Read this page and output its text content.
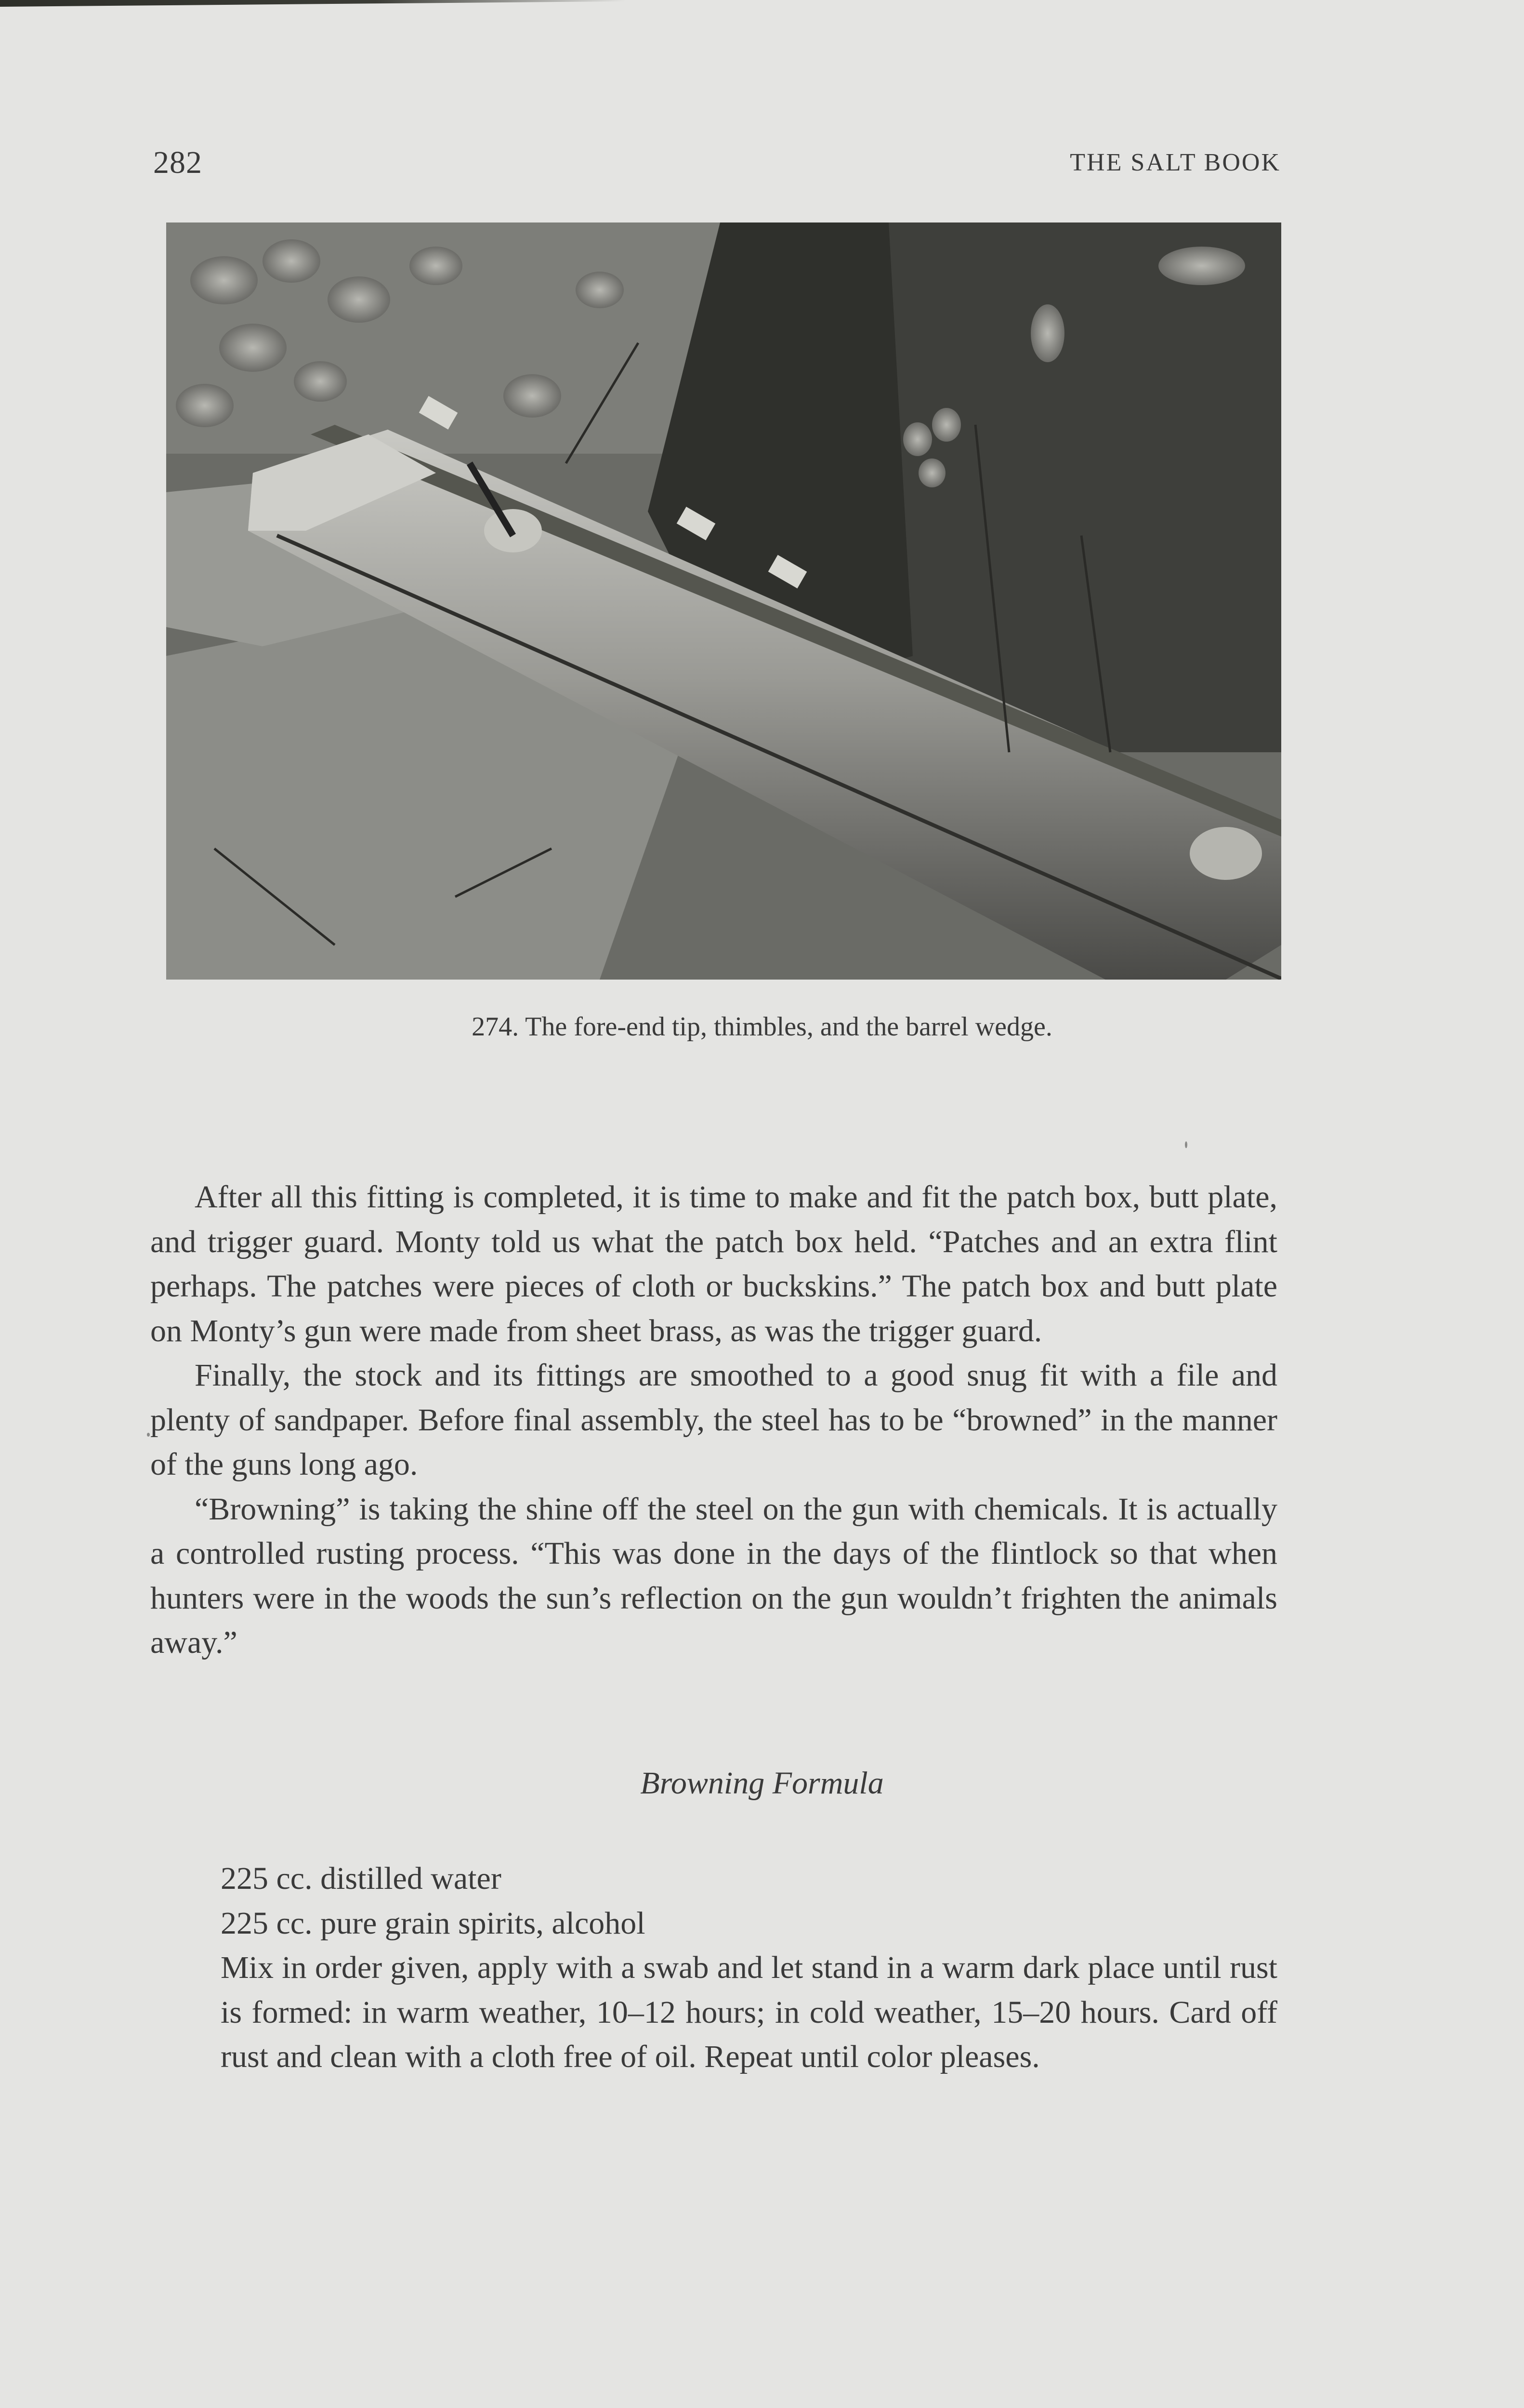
282	THE SALT BOOK
274. The fore-end tip, thimbles, and the barrel wedge.

After all this fitting is completed, it is time to make and fit the patch box, butt plate, and trigger guard. Monty told us what the patch box held. “Patches and an extra flint perhaps. The patches were pieces of cloth or buckskins.” The patch box and butt plate on Monty’s gun were made from sheet brass, as was the trigger guard.

Finally, the stock and its fittings are smoothed to a good snug fit with a file and plenty of sandpaper. Before final assembly, the steel has to be “browned” in the manner of the guns long ago.

“Browning” is taking the shine off the steel on the gun with chemicals. It is actually a controlled rusting process. “This was done in the days of the flintlock so that when hunters were in the woods the sun’s reflection on the gun wouldn’t frighten the animals away.”

Browning Formula
225 cc. distilled water
225 cc. pure grain spirits, alcohol
Mix in order given, apply with a swab and let stand in a warm dark place until rust is formed: in warm weather, 10–12 hours; in cold weather, 15–20 hours. Card off rust and clean with a cloth free of oil. Repeat until color pleases.
